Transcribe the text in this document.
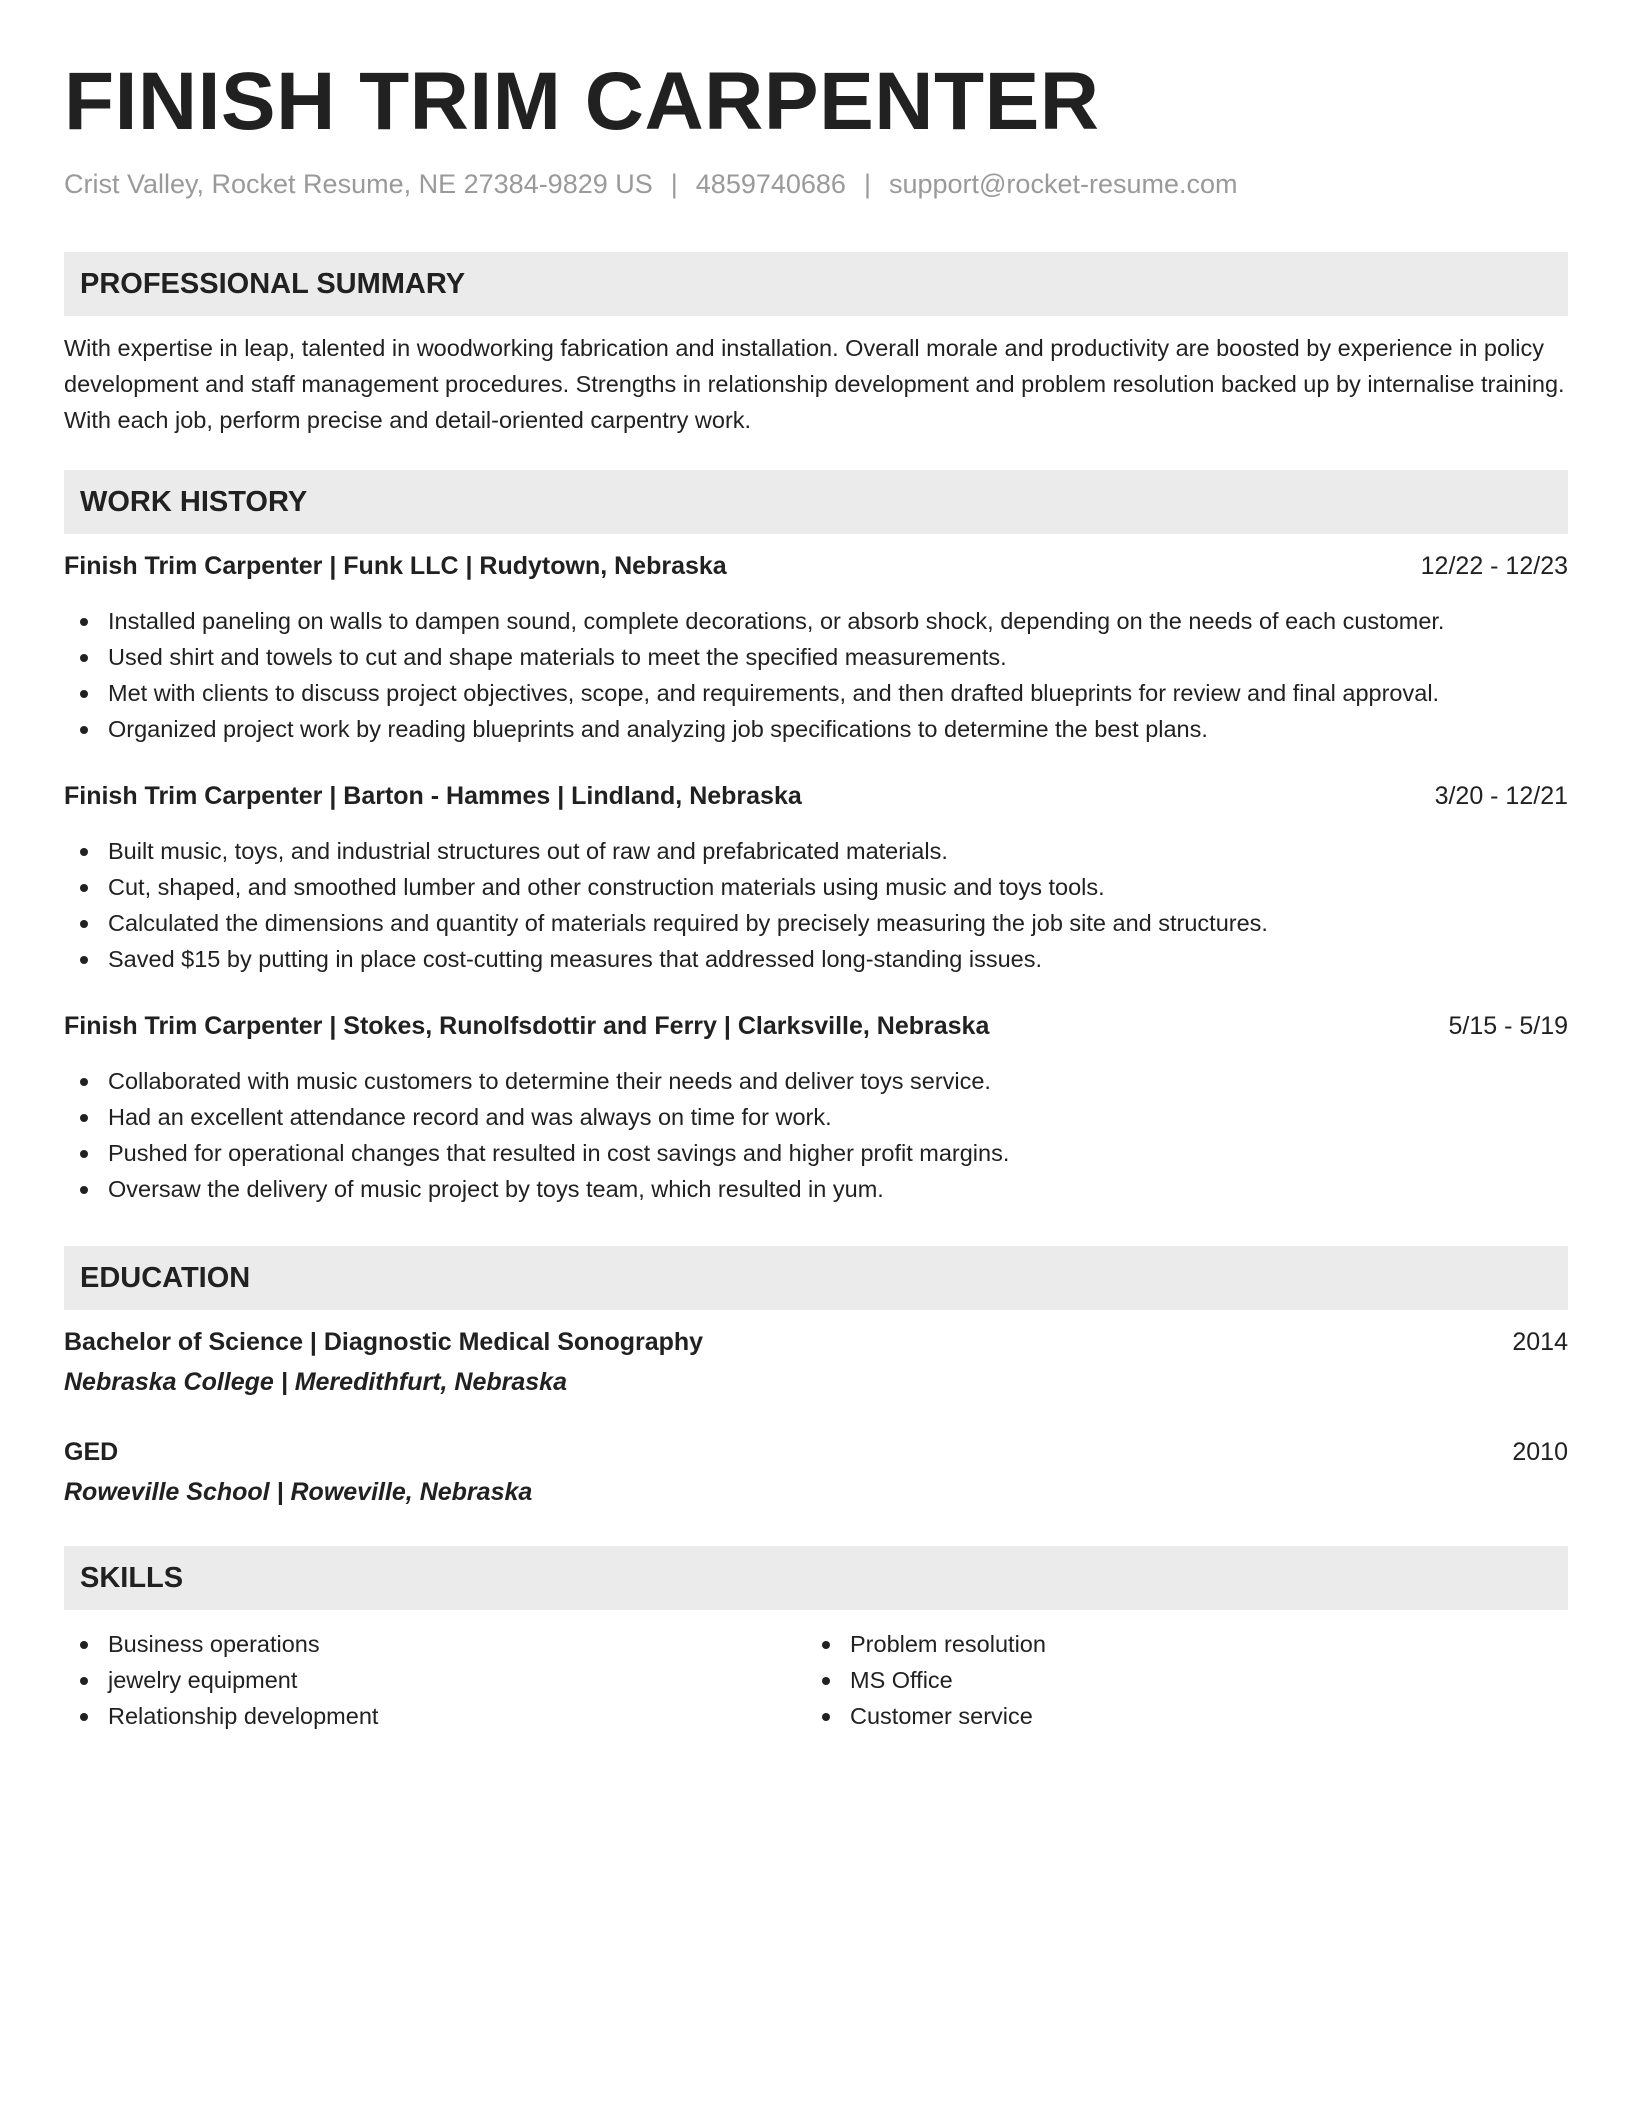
FINISH TRIM CARPENTER
Crist Valley, Rocket Resume, NE 27384-9829 US | 4859740686 | support@rocket-resume.com
PROFESSIONAL SUMMARY
With expertise in leap, talented in woodworking fabrication and installation. Overall morale and productivity are boosted by experience in policy development and staff management procedures. Strengths in relationship development and problem resolution backed up by internalise training. With each job, perform precise and detail-oriented carpentry work.
WORK HISTORY
Finish Trim Carpenter | Funk LLC | Rudytown, Nebraska	12/22 - 12/23
Installed paneling on walls to dampen sound, complete decorations, or absorb shock, depending on the needs of each customer.
Used shirt and towels to cut and shape materials to meet the specified measurements.
Met with clients to discuss project objectives, scope, and requirements, and then drafted blueprints for review and final approval.
Organized project work by reading blueprints and analyzing job specifications to determine the best plans.
Finish Trim Carpenter | Barton - Hammes | Lindland, Nebraska	3/20 - 12/21
Built music, toys, and industrial structures out of raw and prefabricated materials.
Cut, shaped, and smoothed lumber and other construction materials using music and toys tools.
Calculated the dimensions and quantity of materials required by precisely measuring the job site and structures.
Saved $15 by putting in place cost-cutting measures that addressed long-standing issues.
Finish Trim Carpenter | Stokes, Runolfsdottir and Ferry | Clarksville, Nebraska	5/15 - 5/19
Collaborated with music customers to determine their needs and deliver toys service.
Had an excellent attendance record and was always on time for work.
Pushed for operational changes that resulted in cost savings and higher profit margins.
Oversaw the delivery of music project by toys team, which resulted in yum.
EDUCATION
Bachelor of Science | Diagnostic Medical Sonography	2014
Nebraska College | Meredithfurt, Nebraska
GED	2010
Roweville School | Roweville, Nebraska
SKILLS
Business operations
jewelry equipment
Relationship development
Problem resolution
MS Office
Customer service
